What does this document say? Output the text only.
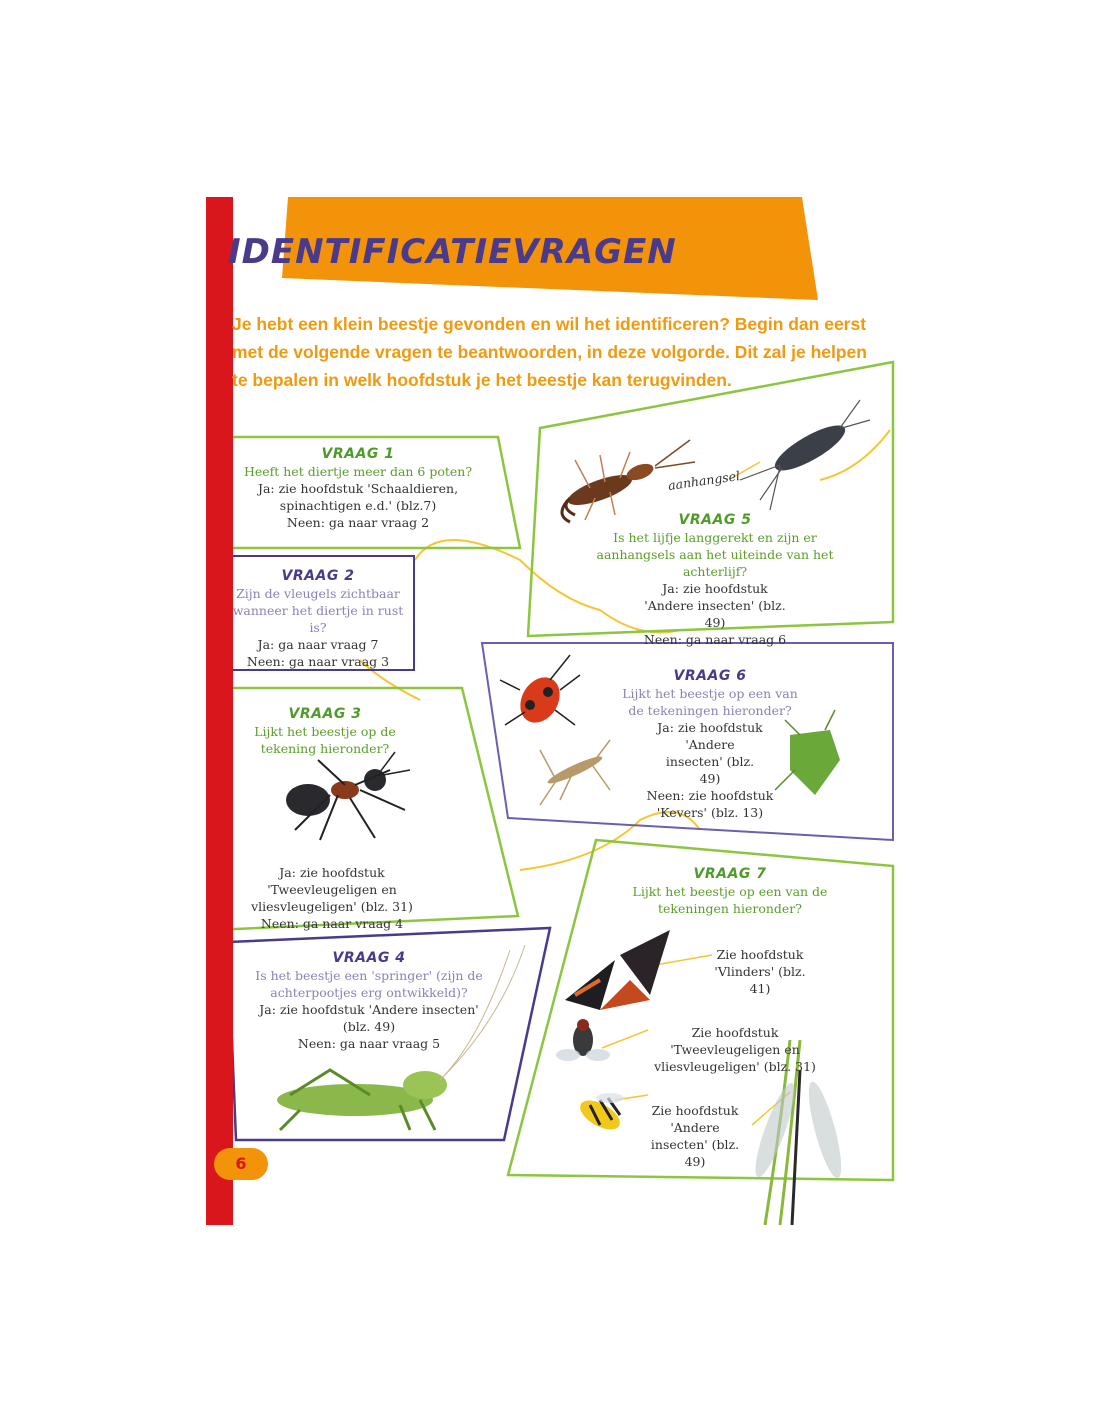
IDENTIFICATIEVRAGEN
Je hebt een klein beestje gevonden en wil het identificeren? Begin dan eerst met de volgende vragen te beantwoorden, in deze volgorde. Dit zal je helpen te bepalen in welk hoofdstuk je het beestje kan terugvinden.
VRAAG 1
Heeft het diertje meer dan 6 poten?
Ja: zie hoofdstuk 'Schaaldieren, spinachtigen e.d.' (blz.7)
Neen: ga naar vraag 2
VRAAG 2
Zijn de vleugels zichtbaar wanneer het diertje in rust is?
Ja: ga naar vraag 7
Neen: ga naar vraag 3
VRAAG 3
Lijkt het beestje op de tekening hieronder?
Ja: zie hoofdstuk 'Tweevleugeligen en vliesvleugeligen' (blz. 31)
Neen: ga naar vraag 4
VRAAG 4
Is het beestje een 'springer' (zijn de achterpootjes erg ontwikkeld)?
Ja: zie hoofdstuk 'Andere insecten' (blz. 49)
Neen: ga naar vraag 5
aanhangsel
VRAAG 5
Is het lijfje langgerekt en zijn er aanhangsels aan het uiteinde van het achterlijf?
Ja: zie hoofdstuk 'Andere insecten' (blz. 49)
Neen: ga naar vraag 6
VRAAG 6
Lijkt het beestje op een van de tekeningen hieronder?
Ja: zie hoofdstuk 'Andere insecten' (blz. 49)
Neen: zie hoofdstuk 'Kevers' (blz. 13)
VRAAG 7
Lijkt het beestje op een van de tekeningen hieronder?
Zie hoofdstuk 'Vlinders' (blz. 41)
Zie hoofdstuk 'Tweevleugeligen en vliesvleugeligen' (blz. 31)
Zie hoofdstuk 'Andere insecten' (blz. 49)
6
